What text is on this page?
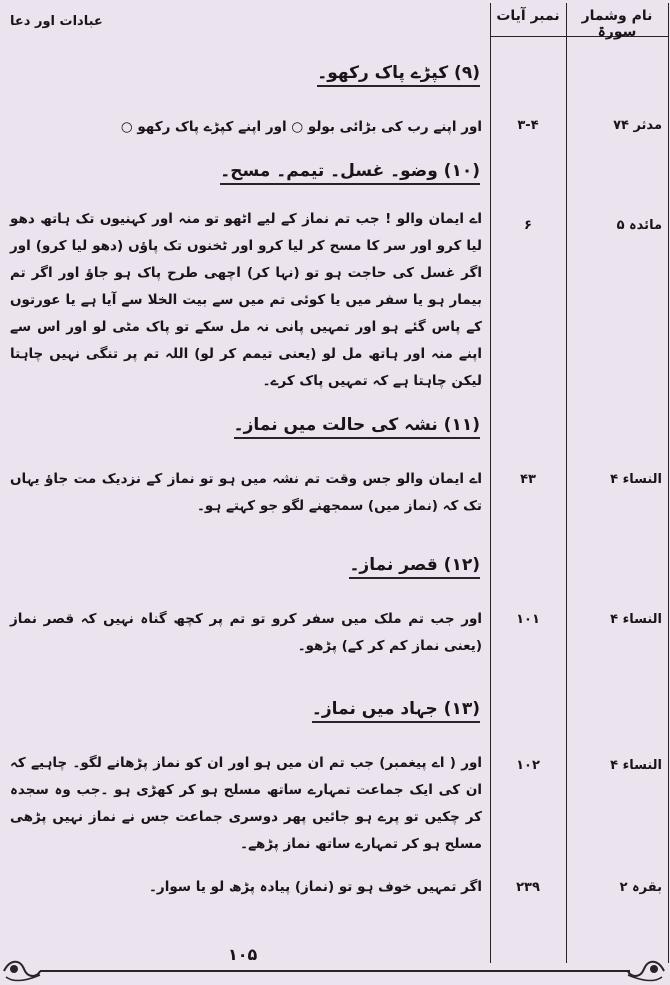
عبادات اور دعا	نام وشمار سورۃ
نمبر آیات
(۹) کپڑے پاک رکھو۔
مدثر ۷۴
۳-۴
اور اپنے رب کی بڑائی بولو ○ اور اپنے کپڑے پاک رکھو ○
(۱۰) وضو۔ غسل۔ تیمم۔ مسح۔
مائدہ ۵
۶
اے ایمان والو ! جب تم نماز کے لیے اٹھو تو منہ اور کہنیوں تک ہاتھ دھو لیا کرو اور سر کا مسح کر لیا کرو اور ٹخنوں تک پاؤں (دھو لیا کرو) اور اگر غسل کی حاجت ہو تو (نہا کر) اچھی طرح پاک ہو جاؤ اور اگر تم بیمار ہو یا سفر میں یا کوئی تم میں سے بیت الخلا سے آیا ہے یا عورتوں کے پاس گئے ہو اور تمہیں پانی نہ مل سکے تو پاک مٹی لو اور اس سے اپنے منہ اور ہاتھ مل لو (یعنی تیمم کر لو) اللہ تم پر تنگی نہیں چاہتا لیکن چاہتا ہے کہ تمہیں پاک کرے۔
(۱۱) نشہ کی حالت میں نماز۔
النساء ۴
۴۳
اے ایمان والو جس وقت تم نشہ میں ہو تو نماز کے نزدیک مت جاؤ یہاں تک کہ (نماز میں) سمجھنے لگو جو کہتے ہو۔
(۱۲) قصر نماز۔
النساء ۴
۱۰۱
اور جب تم ملک میں سفر کرو تو تم پر کچھ گناہ نہیں کہ قصر نماز (یعنی نماز کم کر کے) پڑھو۔
(۱۳) جہاد میں نماز۔
النساء ۴
۱۰۲
اور ( اے پیغمبر) جب تم ان میں ہو اور ان کو نماز پڑھانے لگو۔ چاہیے کہ ان کی ایک جماعت تمہارے ساتھ مسلح ہو کر کھڑی ہو ۔جب وہ سجدہ کر چکیں تو پرے ہو جائیں پھر دوسری جماعت جس نے نماز نہیں پڑھی مسلح ہو کر تمہارے ساتھ نماز پڑھے۔
بقرہ ۲
۲۳۹
اگر تمہیں خوف ہو تو (نماز) پیادہ پڑھ لو یا سوار۔
۱۰۵
